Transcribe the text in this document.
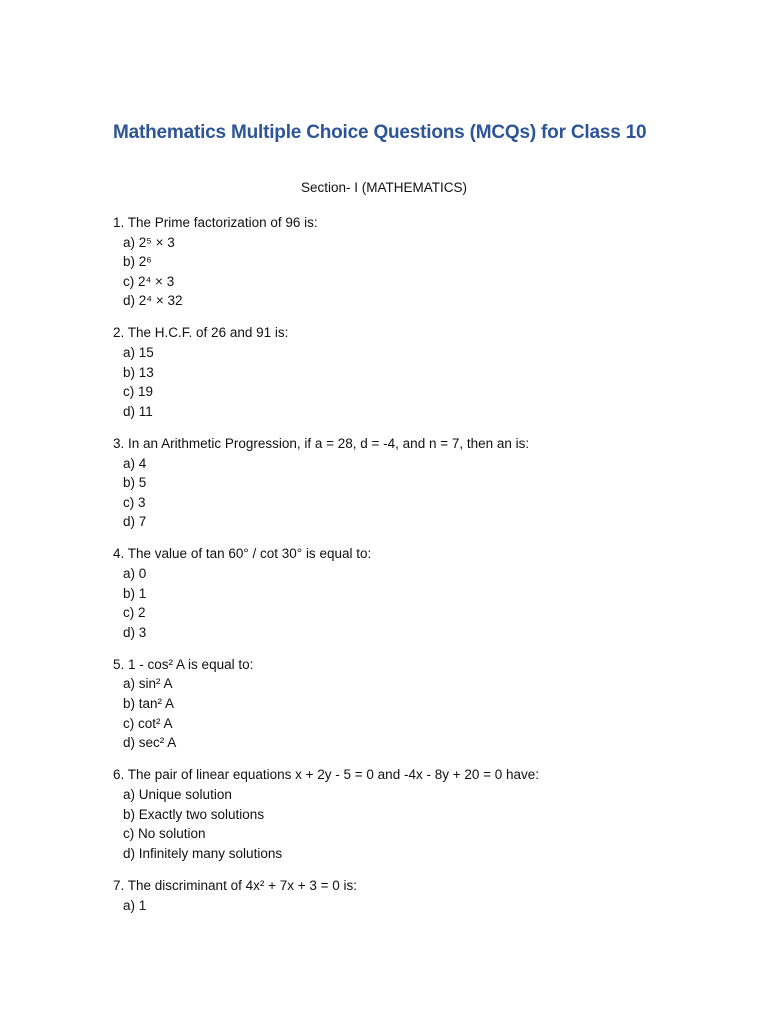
Mathematics Multiple Choice Questions (MCQs) for Class 10
Section- I (MATHEMATICS)
1 . The Prime factorization of 96 is:
a ) 2⁵ × 3
b ) 2⁶
c ) 2⁴ × 3
d ) 2⁴ × 32
2 . The H.C.F. of 26 and 91 is:
a ) 15
b ) 13
c ) 19
d ) 11
3 . In an Arithmetic Progression, if a = 28, d = -4, and n = 7, then an is:
a ) 4
b ) 5
c ) 3
d ) 7
4 . The value of tan 60° / cot 30° is equal to:
a ) 0
b ) 1
c ) 2
d ) 3
5 . 1 - cos² A is equal to:
a ) sin² A
b ) tan² A
c ) cot² A
d ) sec² A
6 . The pair of linear equations x + 2y - 5 = 0 and -4x - 8y + 20 = 0 have:
a ) Unique solution
b ) Exactly two solutions
c ) No solution
d ) Infinitely many solutions
7 . The discriminant of 4x² + 7x + 3 = 0 is:
a ) 1
